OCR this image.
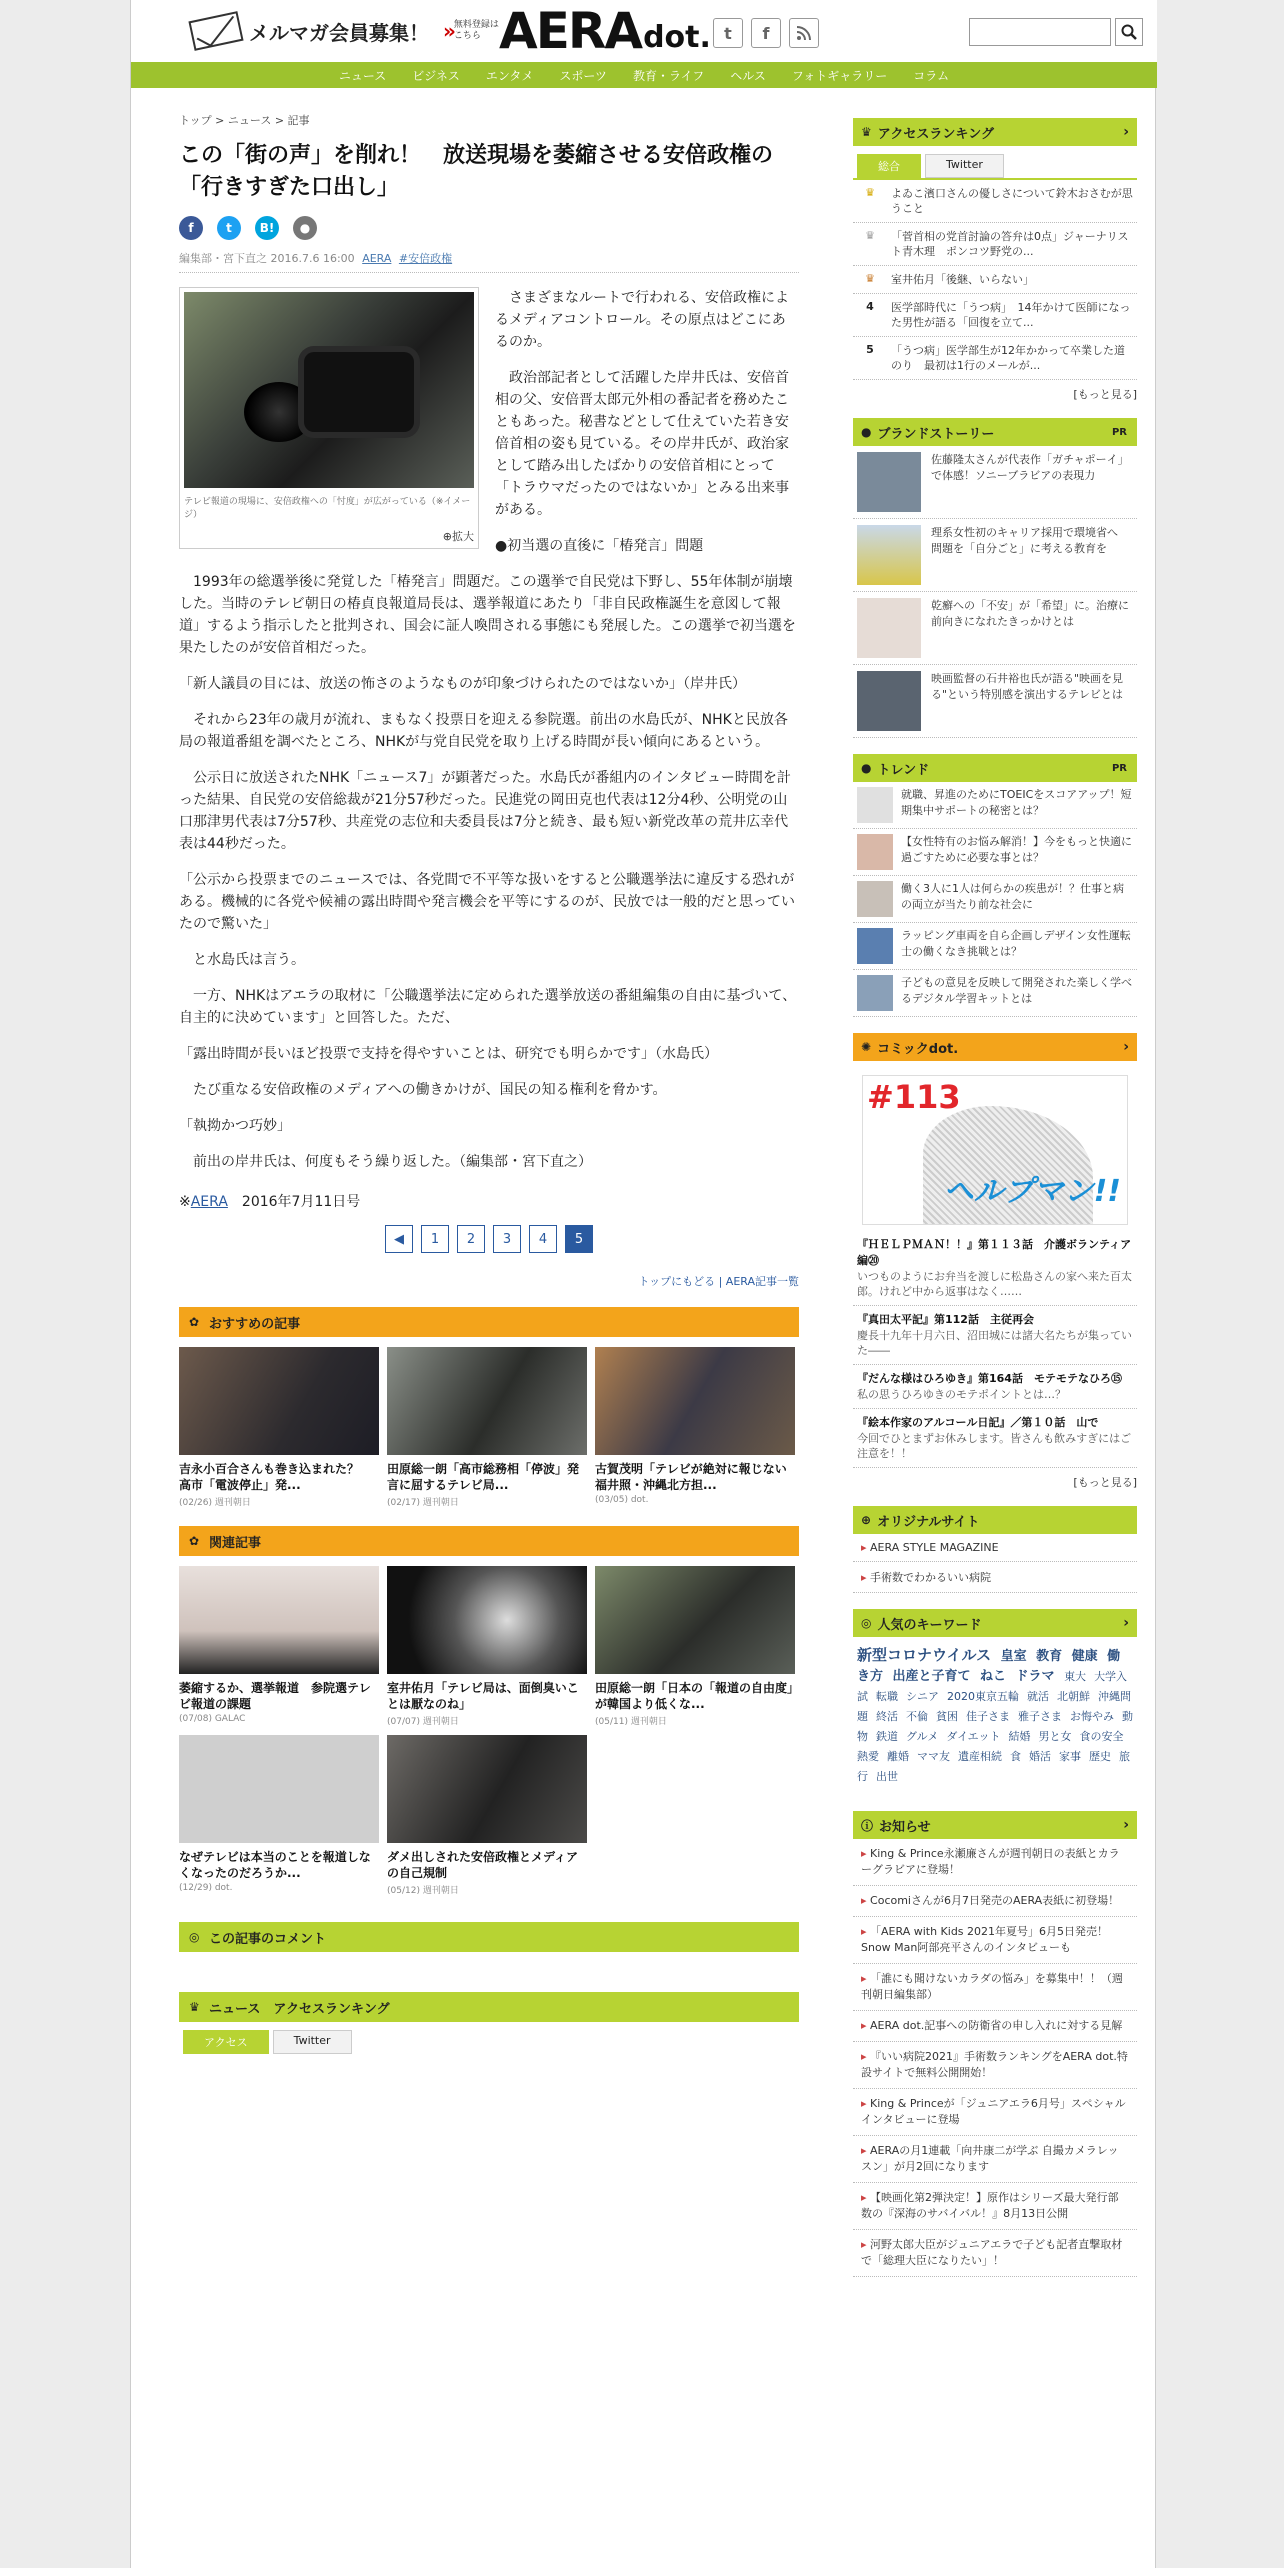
メルマガ会員募集！ » 無料登録はこちら AERA dot. t	f
ニュース ビジネス エンタメ スポーツ 教育・ライフ ヘルス フォトギャラリー コラム
トップ > ニュース > 記事
この「街の声」を削れ！　放送現場を萎縮させる安倍政権の「行きすぎた口出し」
f	t	B!	●
編集部・宮下直之 2016.7.6 16:00 AERA #安倍政権
テレビ報道の現場に、安倍政権への「忖度」が広がっている（※イメージ）
⊕拡大

　さまざまなルートで行われる、安倍政権によるメディアコントロール。その原点はどこにあるのか。

　政治部記者として活躍した岸井氏は、安倍首相の父、安倍晋太郎元外相の番記者を務めたこともあった。秘書などとして仕えていた若き安倍首相の姿も見ている。その岸井氏が、政治家として踏み出したばかりの安倍首相にとって「トラウマだったのではないか」とみる出来事がある。

●初当選の直後に「椿発言」問題

　1993年の総選挙後に発覚した「椿発言」問題だ。この選挙で自民党は下野し、55年体制が崩壊した。当時のテレビ朝日の椿貞良報道局長は、選挙報道にあたり「非自民政権誕生を意図して報道」するよう指示したと批判され、国会に証人喚問される事態にも発展した。この選挙で初当選を果たしたのが安倍首相だった。

「新人議員の目には、放送の怖さのようなものが印象づけられたのではないか」（岸井氏）

　それから23年の歳月が流れ、まもなく投票日を迎える参院選。前出の水島氏が、NHKと民放各局の報道番組を調べたところ、NHKが与党自民党を取り上げる時間が長い傾向にあるという。

　公示日に放送されたNHK「ニュース7」が顕著だった。水島氏が番組内のインタビュー時間を計った結果、自民党の安倍総裁が21分57秒だった。民進党の岡田克也代表は12分4秒、公明党の山口那津男代表は7分57秒、共産党の志位和夫委員長は7分と続き、最も短い新党改革の荒井広幸代表は44秒だった。

「公示から投票までのニュースでは、各党間で不平等な扱いをすると公職選挙法に違反する恐れがある。機械的に各党や候補の露出時間や発言機会を平等にするのが、民放では一般的だと思っていたので驚いた」

　と水島氏は言う。

　一方、NHKはアエラの取材に「公職選挙法に定められた選挙放送の番組編集の自由に基づいて、自主的に決めています」と回答した。ただ、

「露出時間が長いほど投票で支持を得やすいことは、研究でも明らかです」（水島氏）

　たび重なる安倍政権のメディアへの働きかけが、国民の知る権利を脅かす。

「執拗かつ巧妙」

　前出の岸井氏は、何度もそう繰り返した。（編集部・宮下直之）

※AERA　 2016年7月11日号
◀	1	2	3	4	5
トップにもどる | AERA記事一覧
✿ おすすめの記事
吉永小百合さんも巻き込まれた？　高市「電波停止」発...
(02/26) 週刊朝日
田原総一朗「高市総務相「停波」発言に屈するテレビ局...
(02/17) 週刊朝日
古賀茂明「テレビが絶対に報じない福井照・沖縄北方担...
(03/05) dot.
✿ 関連記事
萎縮するか、選挙報道　参院選テレビ報道の課題
(07/08) GALAC
室井佑月「テレビ局は、面倒臭いことは厭なのね」
(07/07) 週刊朝日
田原総一朗「日本の「報道の自由度」が韓国より低くな...
(05/11) 週刊朝日
なぜテレビは本当のことを報道しなくなったのだろうか...
(12/29) dot.
ダメ出しされた安倍政権とメディアの自己規制
(05/12) 週刊朝日
◎ この記事のコメント
♛ ニュース　アクセスランキング
アクセス	Twitter
♛ アクセスランキング	›
総合	Twitter
♛	よゐこ濱口さんの優しさについて鈴木おさむが思うこと
♛	「菅首相の党首討論の答弁は0点」ジャーナリスト青木理　ポンコツ野党の...
♛	室井佑月「後継、いらない」
4	医学部時代に「うつ病」　14年かけて医師になった男性が語る「回復を立て...
5	「うつ病」医学部生が12年かかって卒業した道のり　最初は1行のメールが...
[もっと見る]
● ブランドストーリー	PR
佐藤隆太さんが代表作「ガチャポーイ」で体感！ソニーブラビアの表現力
理系女性初のキャリア採用で環境省へ　問題を「自分ごと」に考える教育を
乾癬への「不安」が「希望」に。治療に前向きになれたきっかけとは
映画監督の石井裕也氏が語る"映画を見る"という特別感を演出するテレビとは
● トレンド	PR
就職、昇進のためにTOEICをスコアアップ！短期集中サポートの秘密とは？
【女性特有のお悩み解消！】今をもっと快適に過ごすために必要な事とは？
働く3人に1人は何らかの疾患が！？仕事と病の両立が当たり前な社会に
ラッピング車両を自ら企画しデザイン女性運転士の働くなき挑戦とは？
子どもの意見を反映して開発された楽しく学べるデジタル学習キットとは
✺ コミックdot.	›
#113
ヘルプマン!!
『ＨＥＬＰＭＡＮ！！』第１１３話　介護ボランティア編⑳
いつものようにお弁当を渡しに松島さんの家へ来た百太郎。けれど中から返事はなく……
『真田太平記』第112話　主従再会
慶長十九年十月六日、沼田城には諸大名たちが集っていた――
『だんな様はひろゆき』第164話　モテモテなひろ⑮
私の思うひろゆきのモテポイントとは…？
『絵本作家のアルコール日記』／第１０話　山で
今回でひとまずお休みします。皆さんも飲みすぎにはご注意を！！
[もっと見る]
⊕ オリジナルサイト
▸ AERA STYLE MAGAZINE
▸ 手術数でわかるいい病院
◎ 人気のキーワード	›
新型コロナウイルス 皇室 教育 健康 働き方 出産と子育て ねこ ドラマ 東大 大学入試 転職 シニア 2020東京五輪 就活 北朝鮮 沖縄問題 終活 不倫 貧困 佳子さま 雅子さま お悔やみ 動物 鉄道 グルメ ダイエット 結婚 男と女 食の安全熱愛 離婚 ママ友 遺産相続 食 婚活 家事 歴史 旅行 出世
ⓘ お知らせ	›
▸ King & Prince永瀬廉さんが週刊朝日の表紙とカラーグラビアに登場！
▸ Cocomiさんが6月7日発売のAERA表紙に初登場！
▸ 「AERA with Kids 2021年夏号」6月5日発売！Snow Man阿部亮平さんのインタビューも
▸ 「誰にも聞けないカラダの悩み」を募集中！！（週刊朝日編集部）
▸ AERA dot.記事への防衛省の申し入れに対する見解
▸ 『いい病院2021』手術数ランキングをAERA dot.特設サイトで無料公開開始！
▸ King & Princeが「ジュニアエラ6月号」スペシャルインタビューに登場
▸ AERAの月1連載「向井康二が学ぶ 自撮カメラレッスン」が月2回になります
▸ 【映画化第2弾決定！】原作はシリーズ最大発行部数の『深海のサバイバル！』8月13日公開
▸ 河野太郎大臣がジュニアエラで子ども記者直撃取材で「総理大臣になりたい」！
